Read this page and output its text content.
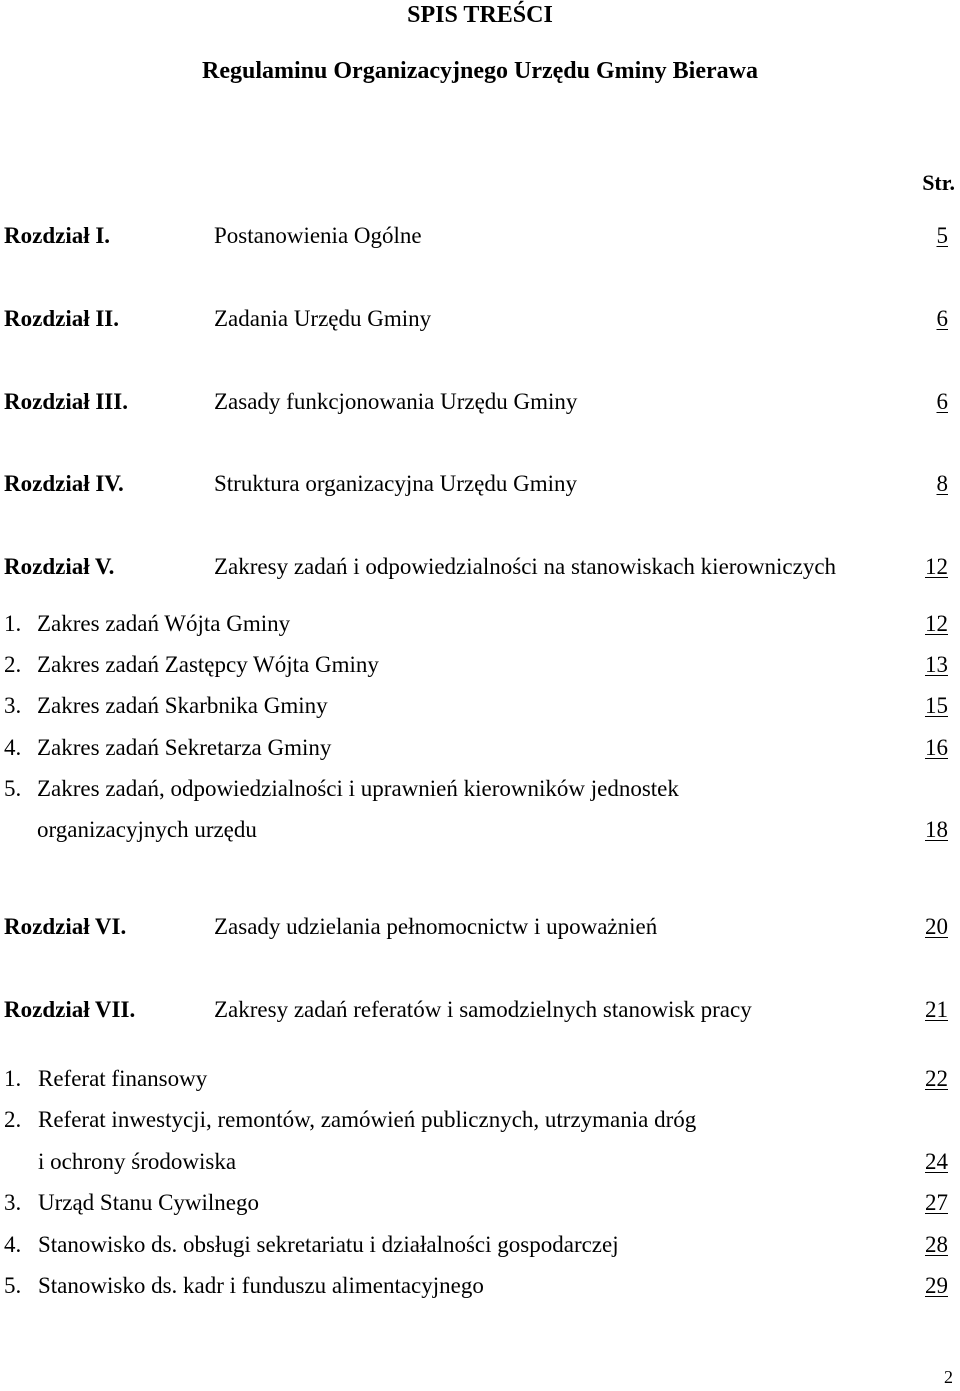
SPIS TREŚCI
Regulaminu Organizacyjnego Urzędu Gminy Bierawa
Str.
Rozdział I.	Postanowienia Ogólne	5
Rozdział II.	Zadania Urzędu Gminy	6
Rozdział III.	Zasady funkcjonowania Urzędu Gminy	6
Rozdział IV.	Struktura organizacyjna Urzędu Gminy	8
Rozdział V.	Zakresy zadań i odpowiedzialności na stanowiskach kierowniczych	12
1. Zakres zadań Wójta Gminy	12
2. Zakres zadań Zastępcy Wójta Gminy	13
3. Zakres zadań Skarbnika Gminy	15
4. Zakres zadań Sekretarza Gminy	16
5. Zakres zadań, odpowiedzialności i uprawnień kierowników jednostek
organizacyjnych urzędu	18
Rozdział VI.	Zasady udzielania pełnomocnictw i upoważnień	20
Rozdział VII.	Zakresy zadań referatów i samodzielnych stanowisk pracy	21
1. Referat finansowy	22
2. Referat inwestycji, remontów, zamówień publicznych, utrzymania dróg
i ochrony środowiska	24
3. Urząd Stanu Cywilnego	27
4. Stanowisko ds. obsługi sekretariatu i działalności gospodarczej	28
5. Stanowisko ds. kadr i funduszu alimentacyjnego	29
2
